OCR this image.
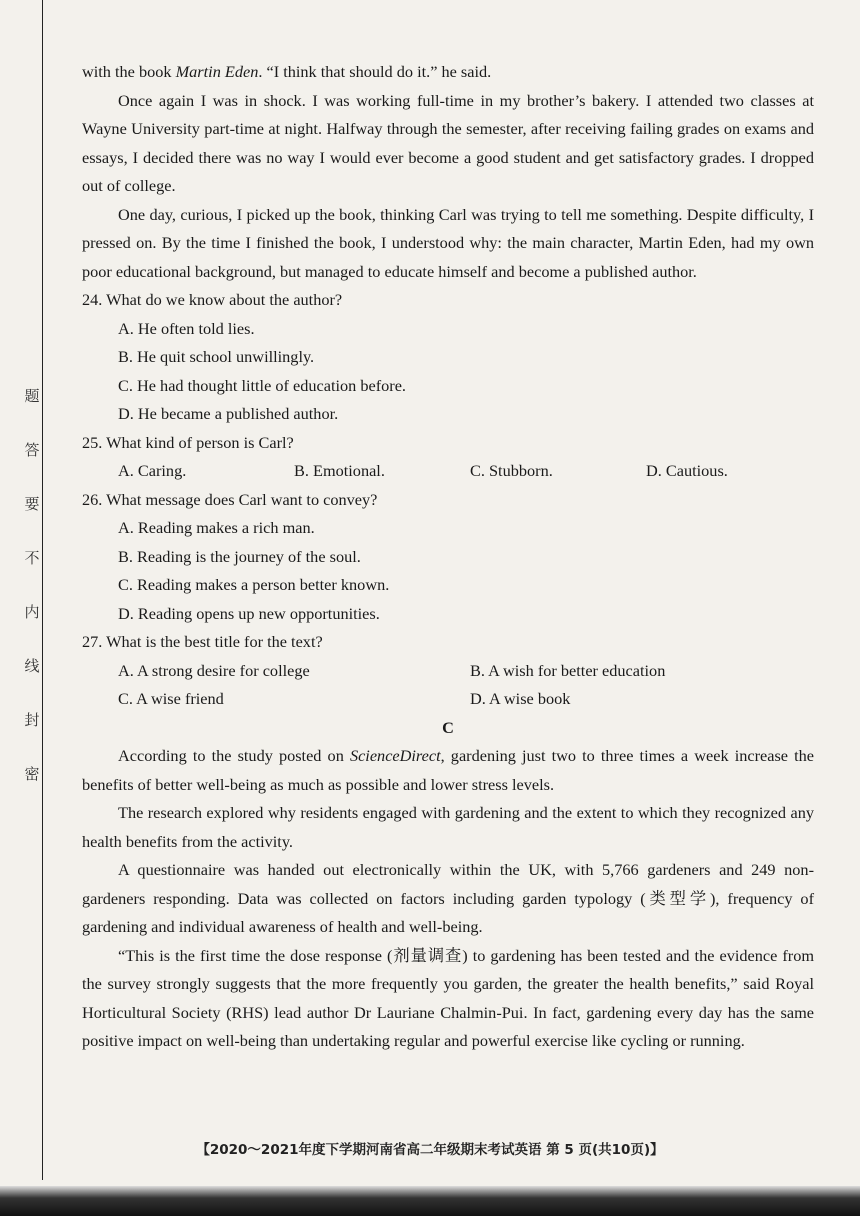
题
答
要
不
内
线
封
密

with the book Martin Eden. “I think that should do it.” he said.

Once again I was in shock. I was working full-time in my brother’s bakery. I attended two classes at Wayne University part-time at night. Halfway through the semester, after receiving failing grades on exams and essays, I decided there was no way I would ever become a good student and get satisfactory grades. I dropped out of college.

One day, curious, I picked up the book, thinking Carl was trying to tell me something. Despite difficulty, I pressed on. By the time I finished the book, I understood why: the main character, Martin Eden, had my own poor educational background, but managed to educate himself and become a published author.

24. What do we know about the author?

A. He often told lies.

B. He quit school unwillingly.

C. He had thought little of education before.

D. He became a published author.

25. What kind of person is Carl?

A. Caring.	B. Emotional.	C. Stubborn.	D. Cautious.

26. What message does Carl want to convey?

A. Reading makes a rich man.

B. Reading is the journey of the soul.

C. Reading makes a person better known.

D. Reading opens up new opportunities.

27. What is the best title for the text?

A. A strong desire for college	B. A wish for better education
C. A wise friend	D. A wise book

C

According to the study posted on ScienceDirect, gardening just two to three times a week increase the benefits of better well-being as much as possible and lower stress levels.

The research explored why residents engaged with gardening and the extent to which they recognized any health benefits from the activity.

A questionnaire was handed out electronically within the UK, with 5,766 gardeners and 249 non-gardeners responding. Data was collected on factors including garden typology (类型学), frequency of gardening and individual awareness of health and well-being.

“This is the first time the dose response (剂量调查) to gardening has been tested and the evidence from the survey strongly suggests that the more frequently you garden, the greater the health benefits,” said Royal Horticultural Society (RHS) lead author Dr Lauriane Chalmin-Pui. In fact, gardening every day has the same positive impact on well-being than undertaking regular and powerful exercise like cycling or running.

【2020～2021年度下学期河南省高二年级期末考试英语 第 5 页(共10页)】
